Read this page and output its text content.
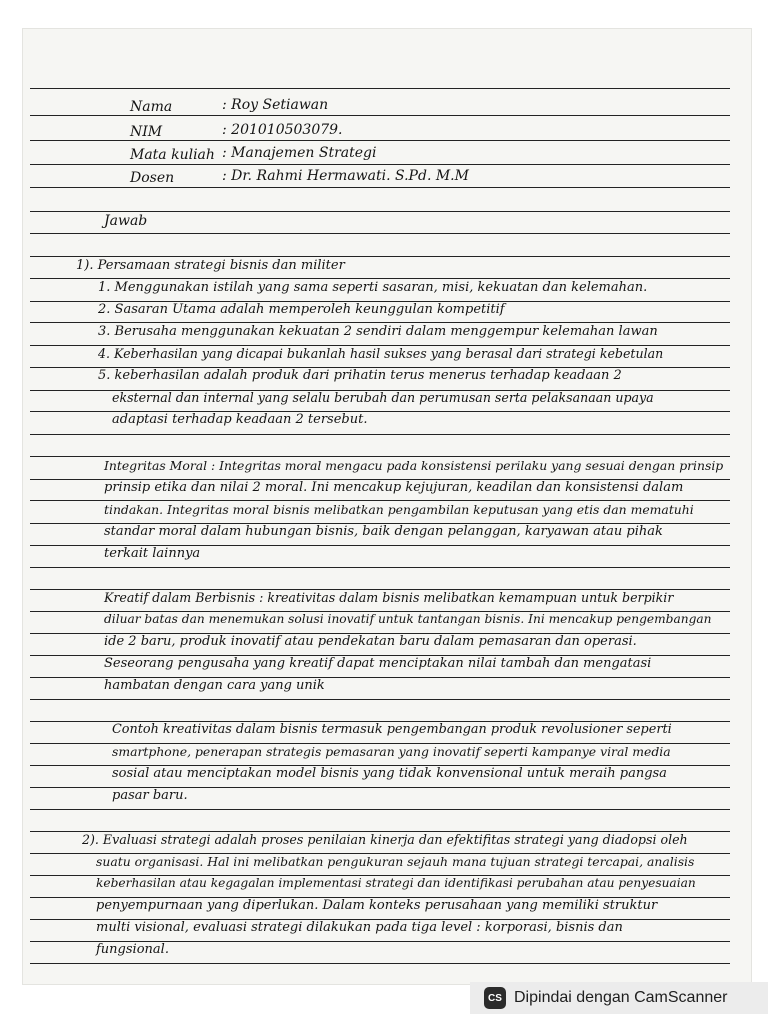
Nama	: Roy Setiawan
NIM	: 201010503079.
Mata kuliah : Manajemen Strategi
Dosen	: Dr. Rahmi Hermawati. S.Pd. M.M
Jawab
1). Persamaan strategi bisnis dan militer
1. Menggunakan istilah yang sama seperti sasaran, misi, kekuatan dan kelemahan.
2. Sasaran Utama adalah memperoleh keunggulan kompetitif
3. Berusaha menggunakan kekuatan 2 sendiri dalam menggempur kelemahan lawan
4. Keberhasilan yang dicapai bukanlah hasil sukses yang berasal dari strategi kebetulan
5. keberhasilan adalah produk dari prihatin terus menerus terhadap keadaan 2
eksternal dan internal yang selalu berubah dan perumusan serta pelaksanaan upaya
adaptasi terhadap keadaan 2 tersebut.
Integritas Moral : Integritas moral mengacu pada konsistensi perilaku yang sesuai dengan prinsip
prinsip etika dan nilai 2 moral. Ini mencakup kejujuran, keadilan dan konsistensi dalam
tindakan. Integritas moral bisnis melibatkan pengambilan keputusan yang etis dan mematuhi
standar moral dalam hubungan bisnis, baik dengan pelanggan, karyawan atau pihak
terkait lainnya
Kreatif dalam Berbisnis : kreativitas dalam bisnis melibatkan kemampuan untuk berpikir
diluar batas dan menemukan solusi inovatif untuk tantangan bisnis. Ini mencakup pengembangan
ide 2 baru, produk inovatif atau pendekatan baru dalam pemasaran dan operasi.
Seseorang pengusaha yang kreatif dapat menciptakan nilai tambah dan mengatasi
hambatan dengan cara yang unik
Contoh kreativitas dalam bisnis termasuk pengembangan produk revolusioner seperti
smartphone, penerapan strategis pemasaran yang inovatif seperti kampanye viral media
sosial atau menciptakan model bisnis yang tidak konvensional untuk meraih pangsa
pasar baru.
2). Evaluasi strategi adalah proses penilaian kinerja dan efektifitas strategi yang diadopsi oleh
suatu organisasi. Hal ini melibatkan pengukuran sejauh mana tujuan strategi tercapai, analisis
keberhasilan atau kegagalan implementasi strategi dan identifikasi perubahan atau penyesuaian
penyempurnaan yang diperlukan. Dalam konteks perusahaan yang memiliki struktur
multi visional, evaluasi strategi dilakukan pada tiga level : korporasi, bisnis dan
fungsional.
CS Dipindai dengan CamScanner
